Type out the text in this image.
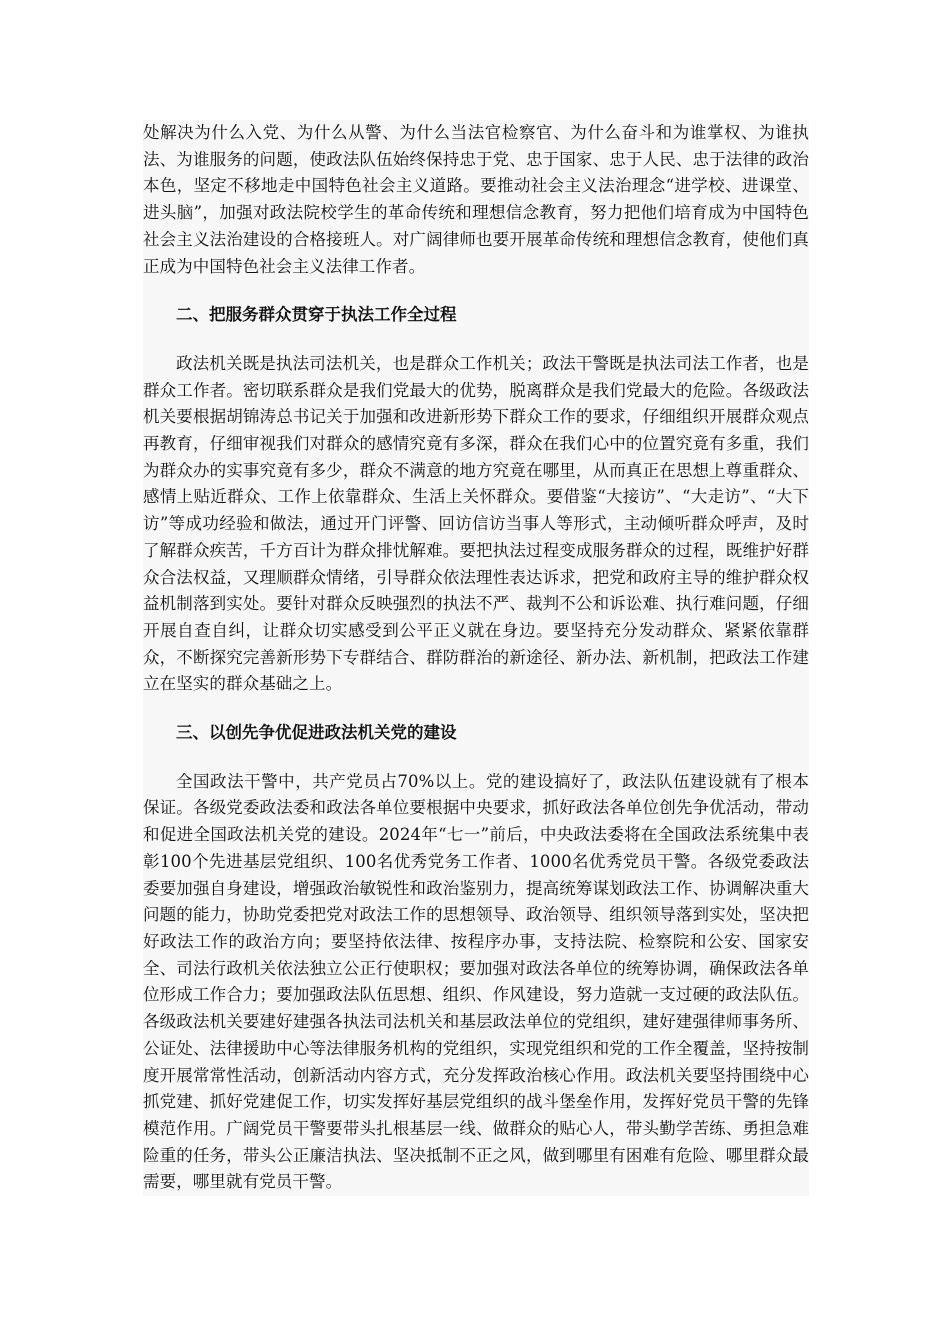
处解决为什么入党、为什么从警、为什么当法官检察官、为什么奋斗和为谁掌权、为谁执法、为谁服务的问题，使政法队伍始终保持忠于党、忠于国家、忠于人民、忠于法律的政治本色，坚定不移地走中国特色社会主义道路。要推动社会主义法治理念“进学校、进课堂、进头脑”，加强对政法院校学生的革命传统和理想信念教育，努力把他们培育成为中国特色社会主义法治建设的合格接班人。对广阔律师也要开展革命传统和理想信念教育，使他们真正成为中国特色社会主义法律工作者。

二、把服务群众贯穿于执法工作全过程

政法机关既是执法司法机关，也是群众工作机关；政法干警既是执法司法工作者，也是群众工作者。密切联系群众是我们党最大的优势，脱离群众是我们党最大的危险。各级政法机关要根据胡锦涛总书记关于加强和改进新形势下群众工作的要求，仔细组织开展群众观点再教育，仔细审视我们对群众的感情究竟有多深，群众在我们心中的位置究竟有多重，我们为群众办的实事究竟有多少，群众不满意的地方究竟在哪里，从而真正在思想上尊重群众、感情上贴近群众、工作上依靠群众、生活上关怀群众。要借鉴“大接访”、“大走访”、“大下访”等成功经验和做法，通过开门评警、回访信访当事人等形式，主动倾听群众呼声，及时了解群众疾苦，千方百计为群众排忧解难。要把执法过程变成服务群众的过程，既维护好群众合法权益，又理顺群众情绪，引导群众依法理性表达诉求，把党和政府主导的维护群众权益机制落到实处。要针对群众反映强烈的执法不严、裁判不公和诉讼难、执行难问题，仔细开展自查自纠，让群众切实感受到公平正义就在身边。要坚持充分发动群众、紧紧依靠群众，不断探究完善新形势下专群结合、群防群治的新途径、新办法、新机制，把政法工作建立在坚实的群众基础之上。

三、以创先争优促进政法机关党的建设

全国政法干警中，共产党员占70%以上。党的建设搞好了，政法队伍建设就有了根本保证。各级党委政法委和政法各单位要根据中央要求，抓好政法各单位创先争优活动，带动和促进全国政法机关党的建设。2024年“七一”前后，中央政法委将在全国政法系统集中表彰100个先进基层党组织、100名优秀党务工作者、1000名优秀党员干警。各级党委政法委要加强自身建设，增强政治敏锐性和政治鉴别力，提高统筹谋划政法工作、协调解决重大问题的能力，协助党委把党对政法工作的思想领导、政治领导、组织领导落到实处，坚决把好政法工作的政治方向；要坚持依法律、按程序办事，支持法院、检察院和公安、国家安全、司法行政机关依法独立公正行使职权；要加强对政法各单位的统筹协调，确保政法各单位形成工作合力；要加强政法队伍思想、组织、作风建设，努力造就一支过硬的政法队伍。各级政法机关要建好建强各执法司法机关和基层政法单位的党组织，建好建强律师事务所、公证处、法律援助中心等法律服务机构的党组织，实现党组织和党的工作全覆盖，坚持按制度开展常常性活动，创新活动内容方式，充分发挥政治核心作用。政法机关要坚持围绕中心抓党建、抓好党建促工作，切实发挥好基层党组织的战斗堡垒作用，发挥好党员干警的先锋模范作用。广阔党员干警要带头扎根基层一线、做群众的贴心人，带头勤学苦练、勇担急难险重的任务，带头公正廉洁执法、坚决抵制不正之风，做到哪里有困难有危险、哪里群众最需要，哪里就有党员干警。
